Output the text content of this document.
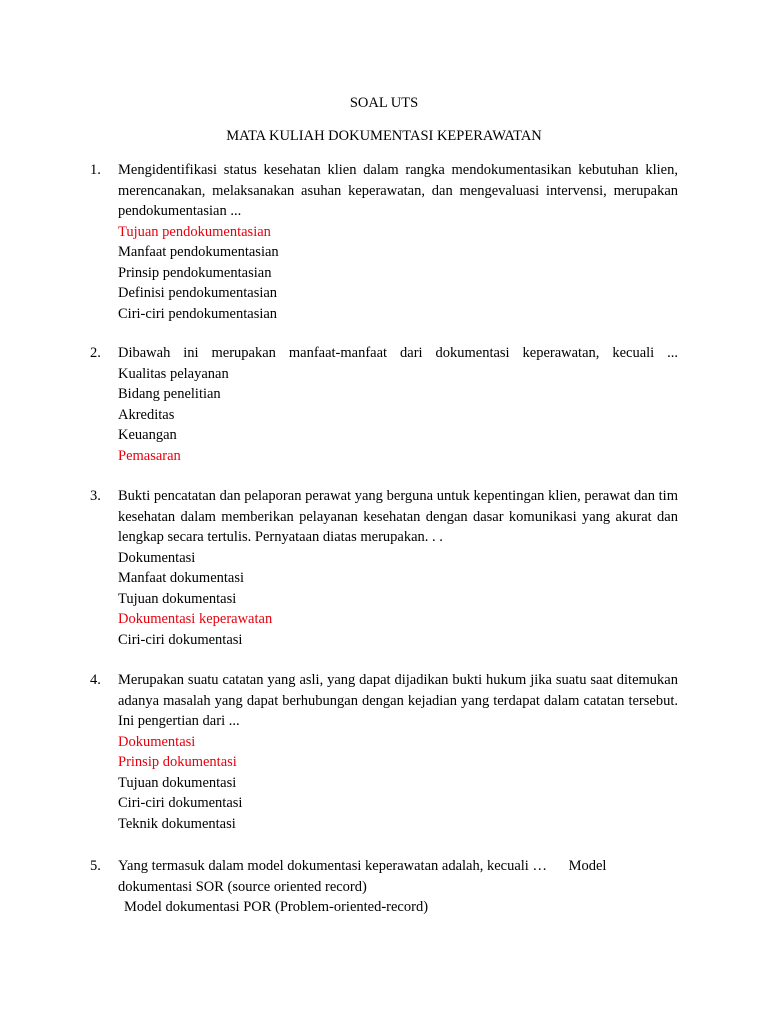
SOAL UTS
MATA KULIAH DOKUMENTASI KEPERAWATAN
1. Mengidentifikasi status kesehatan klien dalam rangka mendokumentasikan kebutuhan klien, merencanakan, melaksanakan asuhan keperawatan, dan mengevaluasi intervensi, merupakan pendokumentasian ...

Tujuan pendokumentasian
Manfaat pendokumentasian
Prinsip pendokumentasian
Definisi pendokumentasian
Ciri-ciri pendokumentasian
2. Dibawah ini merupakan manfaat-manfaat dari dokumentasi keperawatan, kecuali ...

Kualitas pelayanan
Bidang penelitian
Akreditas
Keuangan
Pemasaran
3. Bukti pencatatan dan pelaporan perawat yang berguna untuk kepentingan klien, perawat dan tim kesehatan dalam memberikan pelayanan kesehatan dengan dasar komunikasi yang akurat dan lengkap secara tertulis. Pernyataan diatas merupakan. . .

Dokumentasi
Manfaat dokumentasi
Tujuan dokumentasi
Dokumentasi keperawatan
Ciri-ciri dokumentasi
4. Merupakan suatu catatan yang asli, yang dapat dijadikan bukti hukum jika suatu saat ditemukan adanya masalah yang dapat berhubungan dengan kejadian yang terdapat dalam catatan tersebut. Ini pengertian dari ...

Dokumentasi
Prinsip dokumentasi
Tujuan dokumentasi
Ciri-ciri dokumentasi
Teknik dokumentasi
5. Yang termasuk dalam model dokumentasi keperawatan adalah, kecuali … Model dokumentasi SOR (source oriented record)
Model dokumentasi POR (Problem-oriented-record)
